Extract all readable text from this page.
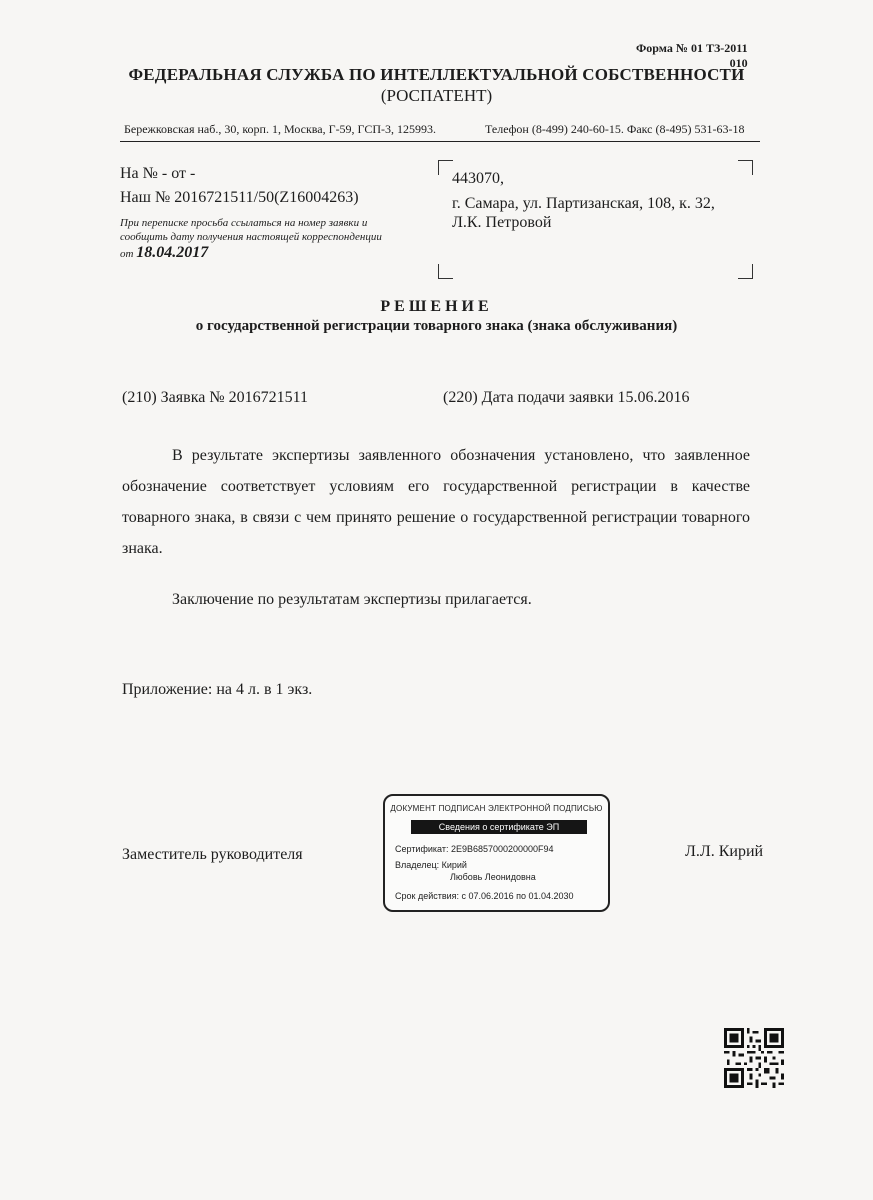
Форма № 01 ТЗ-2011
010
ФЕДЕРАЛЬНАЯ СЛУЖБА ПО ИНТЕЛЛЕКТУАЛЬНОЙ СОБСТВЕННОСТИ
(РОСПАТЕНТ)
Бережковская наб., 30, корп. 1, Москва, Г-59, ГСП-3, 125993.	Телефон (8-499) 240-60-15. Факс (8-495) 531-63-18
На № - от -
Наш № 2016721511/50(Z16004263)
При переписке просьба ссылаться на номер заявки и
сообщить дату получения настоящей корреспонденции
от 18.04.2017
443070,
г. Самара, ул. Партизанская, 108, к. 32,
Л.К. Петровой
РЕШЕНИЕ
о государственной регистрации товарного знака (знака обслуживания)
(210) Заявка № 2016721511	(220) Дата подачи заявки 15.06.2016
В результате экспертизы заявленного обозначения установлено, что заявленное обозначение соответствует условиям его государственной регистрации в качестве товарного знака, в связи с чем принято решение о государственной регистрации товарного знака.
Заключение по результатам экспертизы прилагается.
Приложение: на 4 л. в 1 экз.
Заместитель руководителя
ДОКУМЕНТ ПОДПИСАН ЭЛЕКТРОННОЙ ПОДПИСЬЮ
Сведения о сертификате ЭП
Сертификат: 2E9B6857000200000F94
Владелец: Кирий
Любовь Леонидовна
Срок действия: с 07.06.2016 по 01.04.2030
Л.Л. Кирий
